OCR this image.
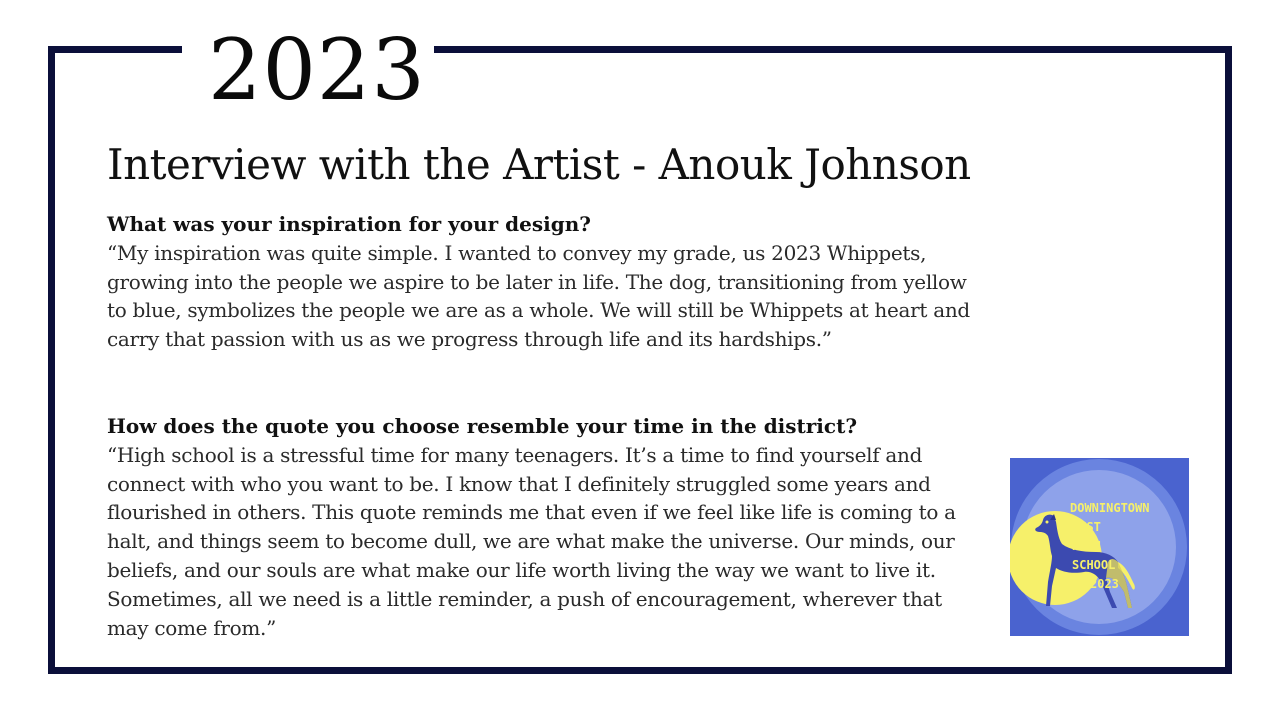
2023
Interview with the Artist - Anouk Johnson
What was your inspiration for your design?
“My inspiration was quite simple. I wanted to convey my grade, us 2023 Whippets, growing into the people we aspire to be later in life. The dog, transitioning from yellow to blue, symbolizes the people we are as a whole. We will still be Whippets at heart and carry that passion with us as we progress through life and its hardships.”
How does the quote you choose resemble your time in the district?
“High school is a stressful time for many teenagers. It’s a time to find yourself and connect with who you want to be. I know that I definitely struggled some years and flourished in others. This quote reminds me that even if we feel like life is coming to a halt, and things seem to become dull, we are what make the universe. Our minds, our beliefs, and our souls are what make our life worth living the way we want to live it. Sometimes, all we need is a little reminder, a push of encouragement, wherever that may come from.”
DOWNINGTOWN
WEST
HIGH
SCHOOL
2023
